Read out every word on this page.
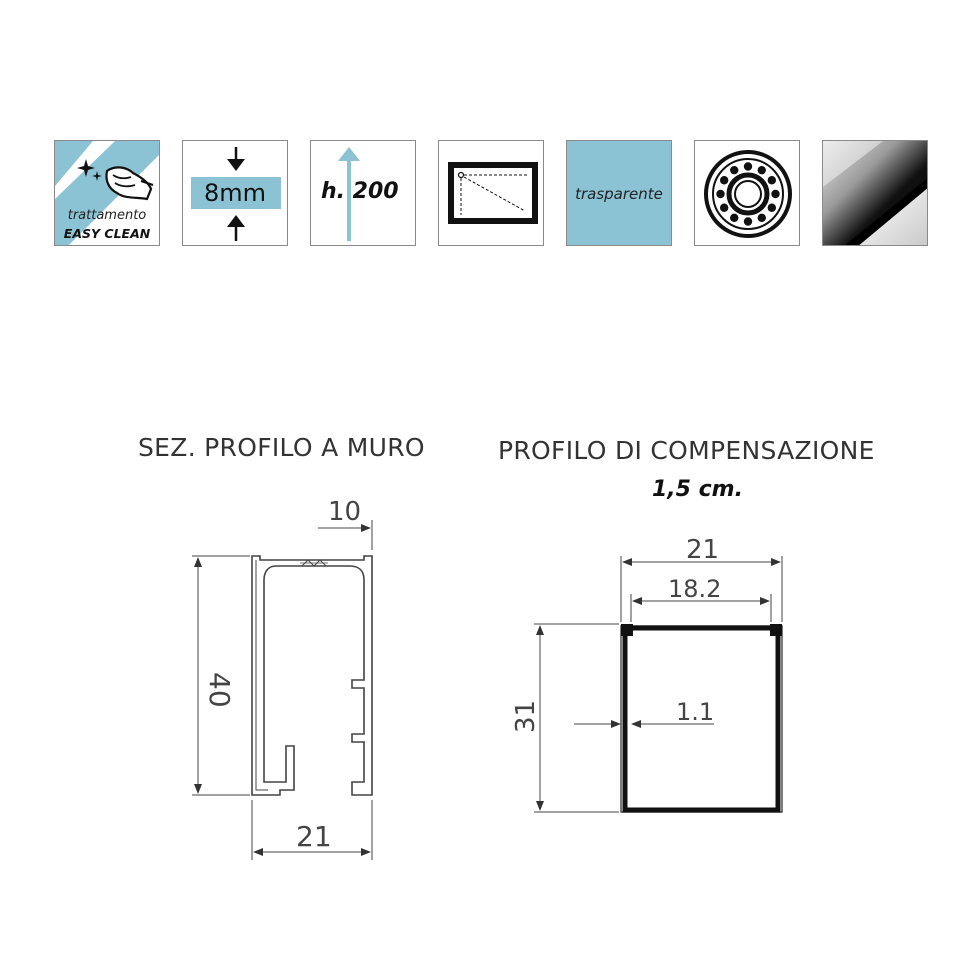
trattamento
EASY CLEAN
8mm	h. 200	trasparente
SEZ. PROFILO A MURO	PROFILO DI COMPENSAZIONE
1,5 cm.
10
40
21
21
18.2
31	1.1
